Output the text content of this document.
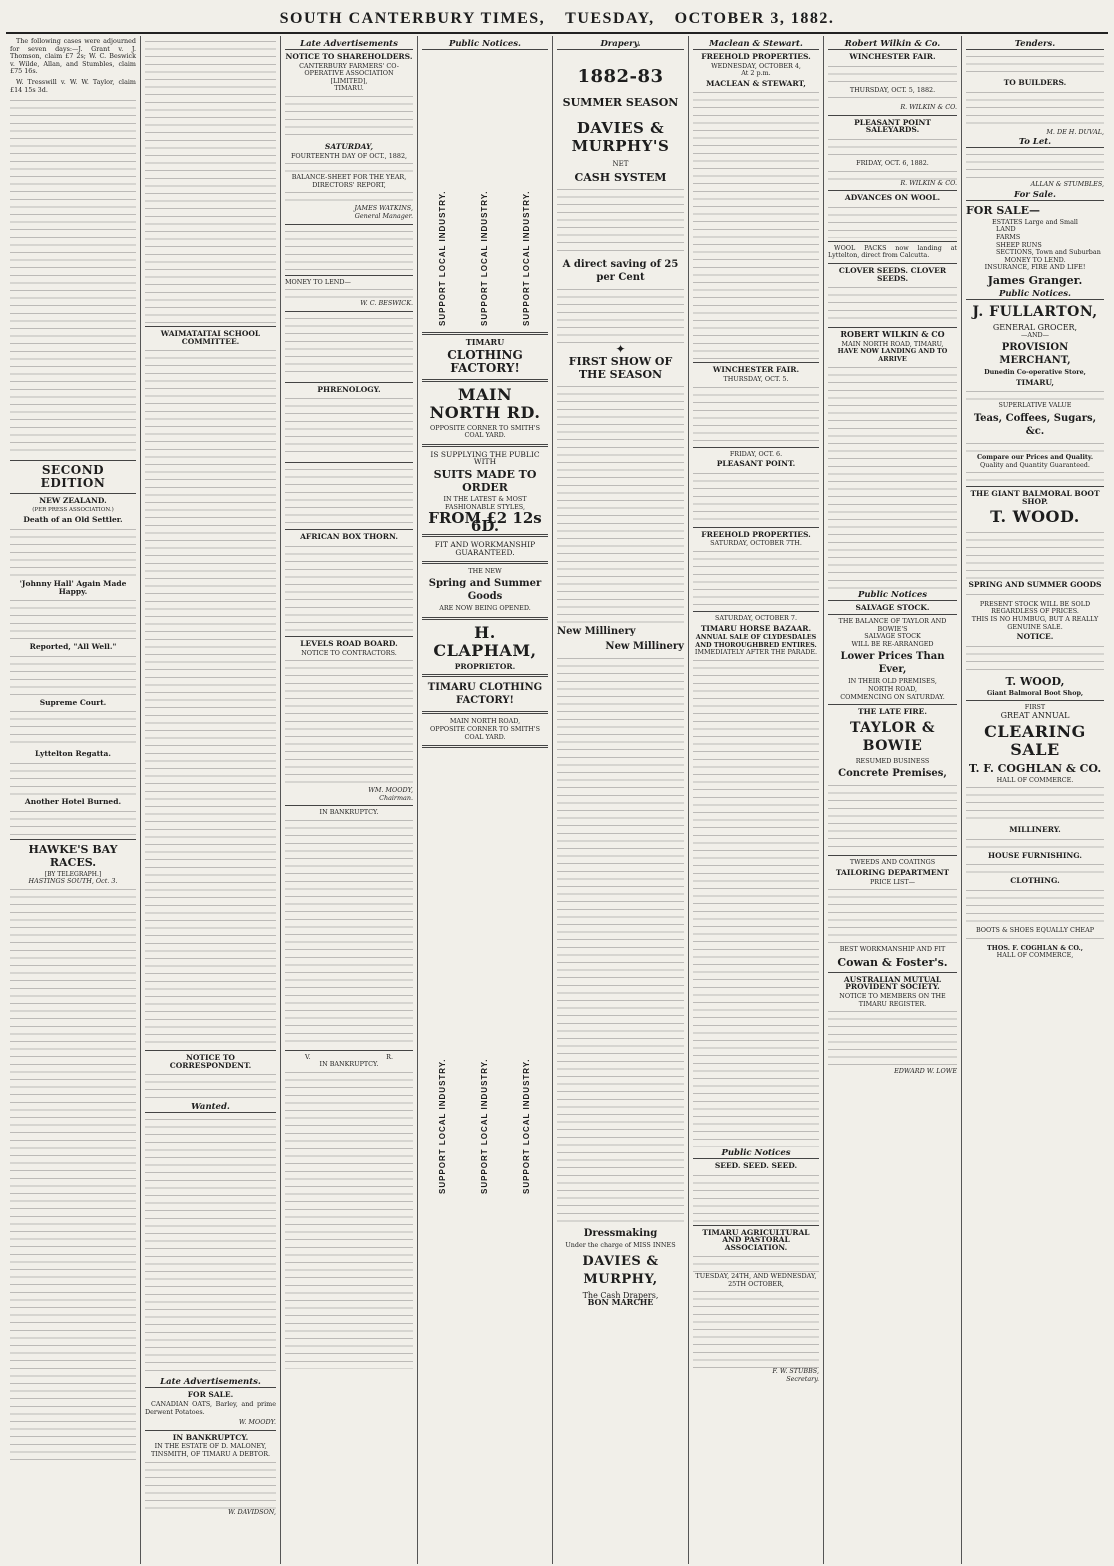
SOUTH CANTERBURY TIMES, TUESDAY, OCTOBER 3, 1882.
The following cases were adjourned for seven days:—J. Grant v. J. Thomson, claim £7 2s; W. C. Beswick v. Wilde, Allan, and Stumbles, claim £75 16s.
W. Tresswill v. W. W. Taylor, claim £14 15s 3d.
SECOND EDITION
NEW ZEALAND.
(PER PRESS ASSOCIATION.)
Death of an Old Settler.
'Johnny Hall' Again Made Happy.
Reported, "All Well."
Supreme Court.
Lyttelton Regatta.
Another Hotel Burned.
HAWKE'S BAY RACES.
[BY TELEGRAPH.]
HASTINGS SOUTH, Oct. 3.
WAIMATAITAI SCHOOL COMMITTEE.
NOTICE TO CORRESPONDENT.
Wanted.
Late Advertisements.
FOR SALE.
CANADIAN OATS, Barley, and prime Derwent Potatoes.
W. MOODY.
IN BANKRUPTCY.
IN THE ESTATE OF D. MALONEY, TINSMITH, OF TIMARU A DEBTOR.
W. DAVIDSON,
Late Advertisements
NOTICE TO SHAREHOLDERS.
CANTERBURY FARMERS' CO-OPERATIVE ASSOCIATION [LIMITED],
TIMARU.
SATURDAY,
FOURTEENTH DAY OF OCT., 1882,
BALANCE-SHEET FOR THE YEAR,
DIRECTORS' REPORT,
JAMES WATKINS,
General Manager.
MONEY TO LEND—
W. C. BESWICK.
PHRENOLOGY.
AFRICAN BOX THORN.
LEVELS ROAD BOARD.
NOTICE TO CONTRACTORS.
WM. MOODY,
Chairman.
IN BANKRUPTCY.
V.	R.
IN BANKRUPTCY.
Public Notices.
SUPPORT LOCAL INDUSTRY.	SUPPORT LOCAL INDUSTRY.	SUPPORT LOCAL INDUSTRY.
TIMARU
CLOTHING FACTORY!
MAIN NORTH RD.
OPPOSITE CORNER TO SMITH'S COAL YARD.
IS SUPPLYING THE PUBLIC WITH
SUITS MADE TO ORDER
IN THE LATEST & MOST FASHIONABLE STYLES,
FROM £2 12s 6D.
FIT AND WORKMANSHIP GUARANTEED.
THE NEW
Spring and Summer Goods
ARE NOW BEING OPENED.
H. CLAPHAM,
PROPRIETOR.
TIMARU CLOTHING FACTORY!
MAIN NORTH ROAD,
OPPOSITE CORNER TO SMITH'S COAL YARD.
SUPPORT LOCAL INDUSTRY.	SUPPORT LOCAL INDUSTRY.	SUPPORT LOCAL INDUSTRY.
Drapery.
1882-83
SUMMER SEASON
DAVIES & MURPHY'S
NET
CASH SYSTEM
A direct saving of 25 per Cent
✦
FIRST SHOW OF THE SEASON
New Millinery
New Millinery
Dressmaking
Under the charge of MISS INNES
DAVIES & MURPHY,
The Cash Drapers,
BON MARCHE
Maclean & Stewart.
FREEHOLD PROPERTIES.
WEDNESDAY, OCTOBER 4,
At 2 p.m.
MACLEAN & STEWART,
WINCHESTER FAIR.
THURSDAY, OCT. 5.
FRIDAY, OCT. 6.
PLEASANT POINT.
FREEHOLD PROPERTIES.
SATURDAY, OCTOBER 7TH.
SATURDAY, OCTOBER 7.
TIMARU HORSE BAZAAR.
ANNUAL SALE OF CLYDESDALES AND THOROUGHBRED ENTIRES.
IMMEDIATELY AFTER THE PARADE.
Public Notices
SEED. SEED. SEED.
TIMARU AGRICULTURAL AND PASTORAL ASSOCIATION.
TUESDAY, 24TH, AND WEDNESDAY, 25TH OCTOBER,
F. W. STUBBS,
Secretary.
Robert Wilkin & Co.
WINCHESTER FAIR.
THURSDAY, OCT. 5, 1882.
R. WILKIN & CO.
PLEASANT POINT SALEYARDS.
FRIDAY, OCT. 6, 1882.
R. WILKIN & CO.
ADVANCES ON WOOL.
WOOL PACKS now landing at Lyttelton, direct from Calcutta.
CLOVER SEEDS. CLOVER SEEDS.
ROBERT WILKIN & CO
MAIN NORTH ROAD, TIMARU,
HAVE NOW LANDING AND TO ARRIVE
Public Notices
SALVAGE STOCK.
THE BALANCE OF TAYLOR AND BOWIE'S
SALVAGE STOCK
WILL BE RE-ARRANGED
Lower Prices Than Ever,
IN THEIR OLD PREMISES,
NORTH ROAD,
COMMENCING ON SATURDAY.
THE LATE FIRE.
TAYLOR & BOWIE
RESUMED BUSINESS
Concrete Premises,
TWEEDS AND COATINGS
TAILORING DEPARTMENT
PRICE LIST—
BEST WORKMANSHIP AND FIT
Cowan & Foster's.
AUSTRALIAN MUTUAL PROVIDENT SOCIETY.
NOTICE TO MEMBERS ON THE TIMARU REGISTER.
EDWARD W. LOWE
Tenders.
TO BUILDERS.
M. DE H. DUVAL,
To Let.
ALLAN & STUMBLES,
For Sale.
FOR SALE—
ESTATES Large and Small
LAND
FARMS
SHEEP RUNS
SECTIONS, Town and Suburban
MONEY TO LEND.
INSURANCE, FIRE AND LIFE!
James Granger.
Public Notices.
J. FULLARTON,
GENERAL GROCER,
—AND—
PROVISION MERCHANT,
Dunedin Co-operative Store,
TIMARU,
SUPERLATIVE VALUE
Teas, Coffees, Sugars, &c.
Compare our Prices and Quality.
Quality and Quantity Guaranteed.
THE GIANT BALMORAL BOOT SHOP.
T. WOOD.
SPRING AND SUMMER GOODS
PRESENT STOCK WILL BE SOLD REGARDLESS OF PRICES.
THIS IS NO HUMBUG, BUT A REALLY GENUINE SALE.
NOTICE.
T. WOOD,
Giant Balmoral Boot Shop,
FIRST
GREAT ANNUAL
CLEARING SALE
T. F. COGHLAN & CO.
HALL OF COMMERCE.
MILLINERY.
HOUSE FURNISHING.
CLOTHING.
BOOTS & SHOES EQUALLY CHEAP
THOS. F. COGHLAN & CO.,
HALL OF COMMERCE,
